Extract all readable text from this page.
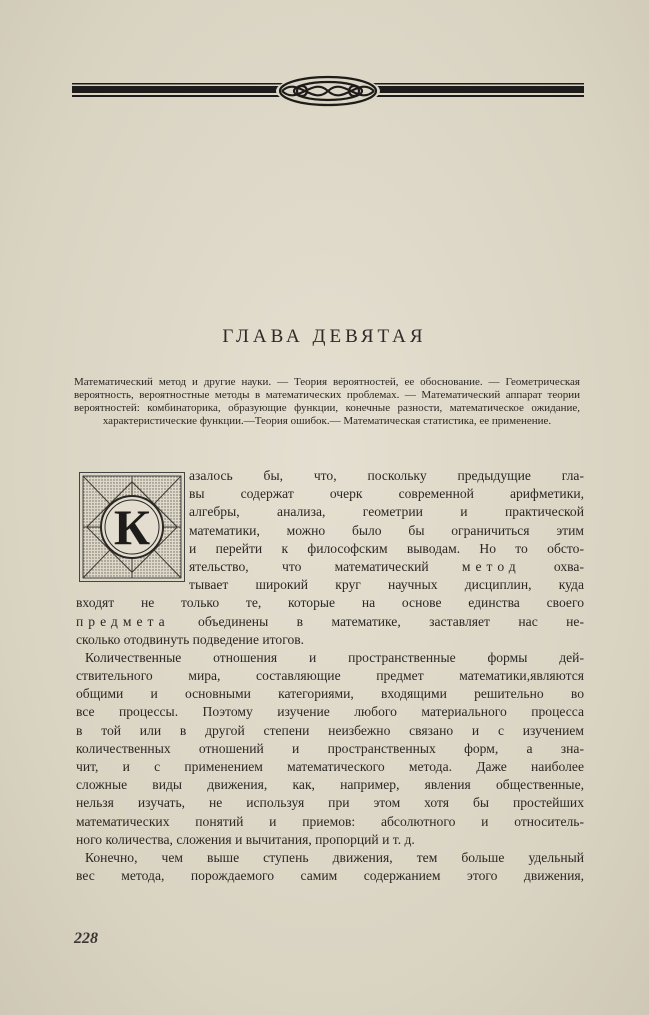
ГЛАВА ДЕВЯТАЯ
Математический метод и другие науки. — Теория вероятностей, ее обоснование. — Геометрическая вероятность, вероятностные методы в математических проблемах. — Математический аппарат теории вероятностей: комбинаторика, образующие функции, конечные разности, математическое ожидание, характеристические функции.—Теория ошибок.— Математическая статистика, ее применение.
К
азалось бы, что, поскольку предыдущие гла-
вы содержат очерк современной арифметики,
алгебры, анализа, геометрии и практической
математики, можно было бы ограничиться этим
и перейти к философским выводам. Но то обсто-
ятельство, что математический метод охва-
тывает широкий круг научных дисциплин, куда
входят не только те, которые на основе единства своего
предмета объединены в математике, заставляет нас не-
сколько отодвинуть подведение итогов.
Количественные отношения и пространственные формы дей-
ствительного мира, составляющие предмет математики,являются
общими и основными категориями, входящими решительно во
все процессы. Поэтому изучение любого материального процесса
в той или в другой степени неизбежно связано и с изучением
количественных отношений и пространственных форм, а зна-
чит, и с применением математического метода. Даже наиболее
сложные виды движения, как, например, явления общественные,
нельзя изучать, не используя при этом хотя бы простейших
математических понятий и приемов: абсолютного и относитель-
ного количества, сложения и вычитания, пропорций и т. д.
Конечно, чем выше ступень движения, тем больше удельный
вес метода, порождаемого самим содержанием этого движения,
228
